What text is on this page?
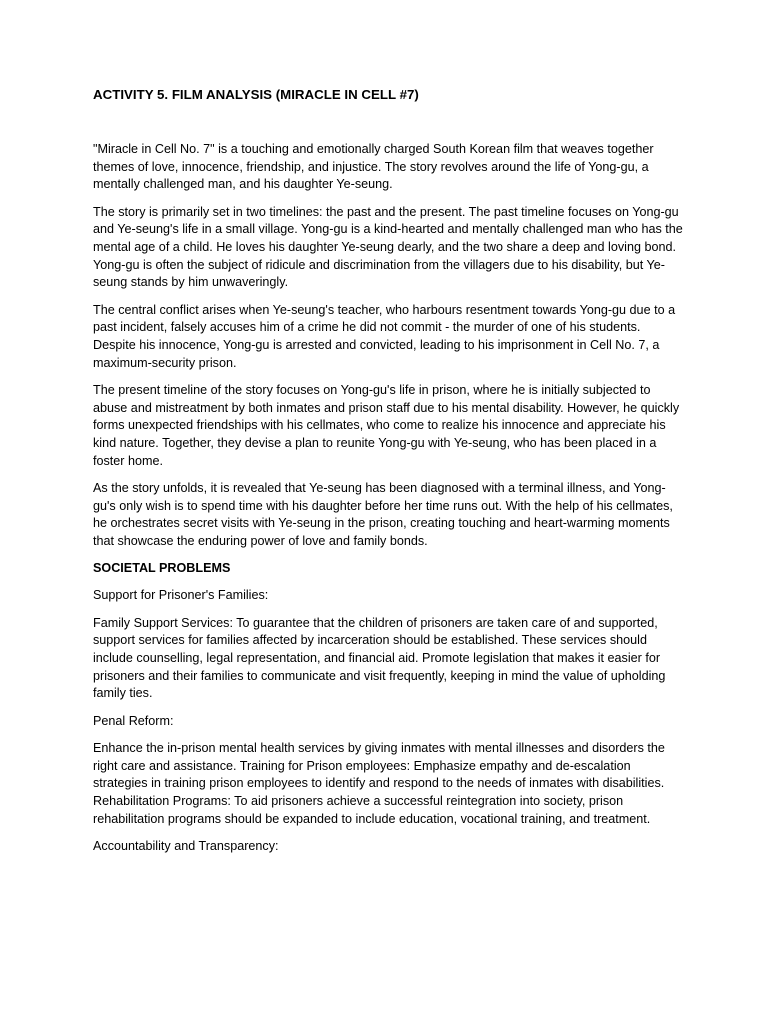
ACTIVITY 5. FILM ANALYSIS (MIRACLE IN CELL #7)

"Miracle in Cell No. 7" is a touching and emotionally charged South Korean film that weaves together themes of love, innocence, friendship, and injustice. The story revolves around the life of Yong-gu, a mentally challenged man, and his daughter Ye-seung.

The story is primarily set in two timelines: the past and the present. The past timeline focuses on Yong-gu and Ye-seung's life in a small village. Yong-gu is a kind-hearted and mentally challenged man who has the mental age of a child. He loves his daughter Ye-seung dearly, and the two share a deep and loving bond. Yong-gu is often the subject of ridicule and discrimination from the villagers due to his disability, but Ye-seung stands by him unwaveringly.

The central conflict arises when Ye-seung's teacher, who harbours resentment towards Yong-gu due to a past incident, falsely accuses him of a crime he did not commit - the murder of one of his students. Despite his innocence, Yong-gu is arrested and convicted, leading to his imprisonment in Cell No. 7, a maximum-security prison.

The present timeline of the story focuses on Yong-gu's life in prison, where he is initially subjected to abuse and mistreatment by both inmates and prison staff due to his mental disability. However, he quickly forms unexpected friendships with his cellmates, who come to realize his innocence and appreciate his kind nature. Together, they devise a plan to reunite Yong-gu with Ye-seung, who has been placed in a foster home.

As the story unfolds, it is revealed that Ye-seung has been diagnosed with a terminal illness, and Yong-gu's only wish is to spend time with his daughter before her time runs out. With the help of his cellmates, he orchestrates secret visits with Ye-seung in the prison, creating touching and heart-warming moments that showcase the enduring power of love and family bonds.

SOCIETAL PROBLEMS

Support for Prisoner's Families:

Family Support Services: To guarantee that the children of prisoners are taken care of and supported, support services for families affected by incarceration should be established. These services should include counselling, legal representation, and financial aid. Promote legislation that makes it easier for prisoners and their families to communicate and visit frequently, keeping in mind the value of upholding family ties.

Penal Reform:

Enhance the in-prison mental health services by giving inmates with mental illnesses and disorders the right care and assistance. Training for Prison employees: Emphasize empathy and de-escalation strategies in training prison employees to identify and respond to the needs of inmates with disabilities. Rehabilitation Programs: To aid prisoners achieve a successful reintegration into society, prison rehabilitation programs should be expanded to include education, vocational training, and treatment.

Accountability and Transparency:
